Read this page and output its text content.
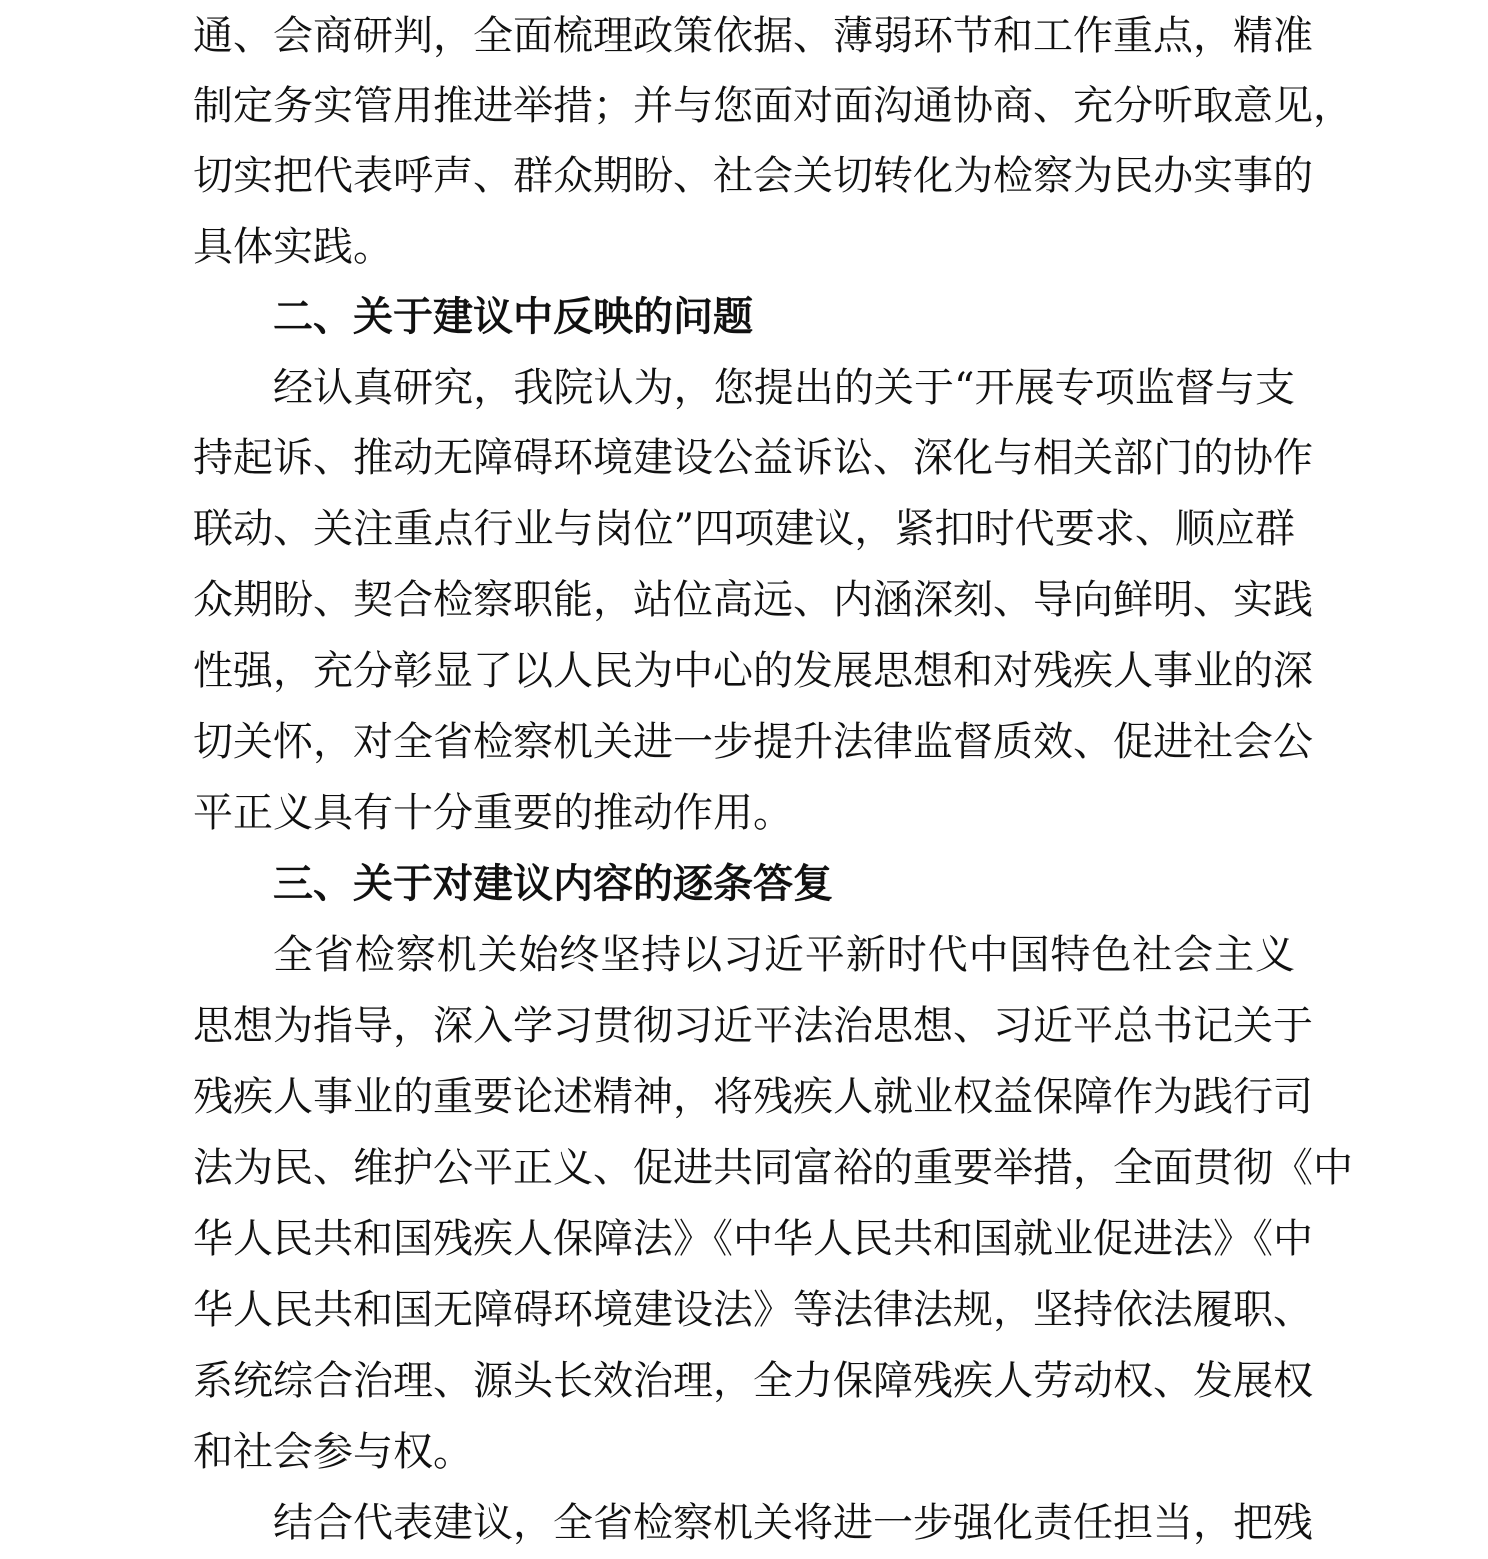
通、会商研判，全面梳理政策依据、薄弱环节和工作重点，精准
制定务实管用推进举措；并与您面对面沟通协商、充分听取意见，
切实把代表呼声、群众期盼、社会关切转化为检察为民办实事的
具体实践。
二、关于建议中反映的问题
经认真研究，我院认为，您提出的关于“开展专项监督与支
持起诉、推动无障碍环境建设公益诉讼、深化与相关部门的协作
联动、关注重点行业与岗位”四项建议，紧扣时代要求、顺应群
众期盼、契合检察职能，站位高远、内涵深刻、导向鲜明、实践
性强，充分彰显了以人民为中心的发展思想和对残疾人事业的深
切关怀，对全省检察机关进一步提升法律监督质效、促进社会公
平正义具有十分重要的推动作用。
三、关于对建议内容的逐条答复
全省检察机关始终坚持以习近平新时代中国特色社会主义
思想为指导，深入学习贯彻习近平法治思想、习近平总书记关于
残疾人事业的重要论述精神，将残疾人就业权益保障作为践行司
法为民、维护公平正义、促进共同富裕的重要举措，全面贯彻《中
华人民共和国残疾人保障法》《中华人民共和国就业促进法》《中
华人民共和国无障碍环境建设法》等法律法规，坚持依法履职、
系统综合治理、源头长效治理，全力保障残疾人劳动权、发展权
和社会参与权。
结合代表建议，全省检察机关将进一步强化责任担当，把残
